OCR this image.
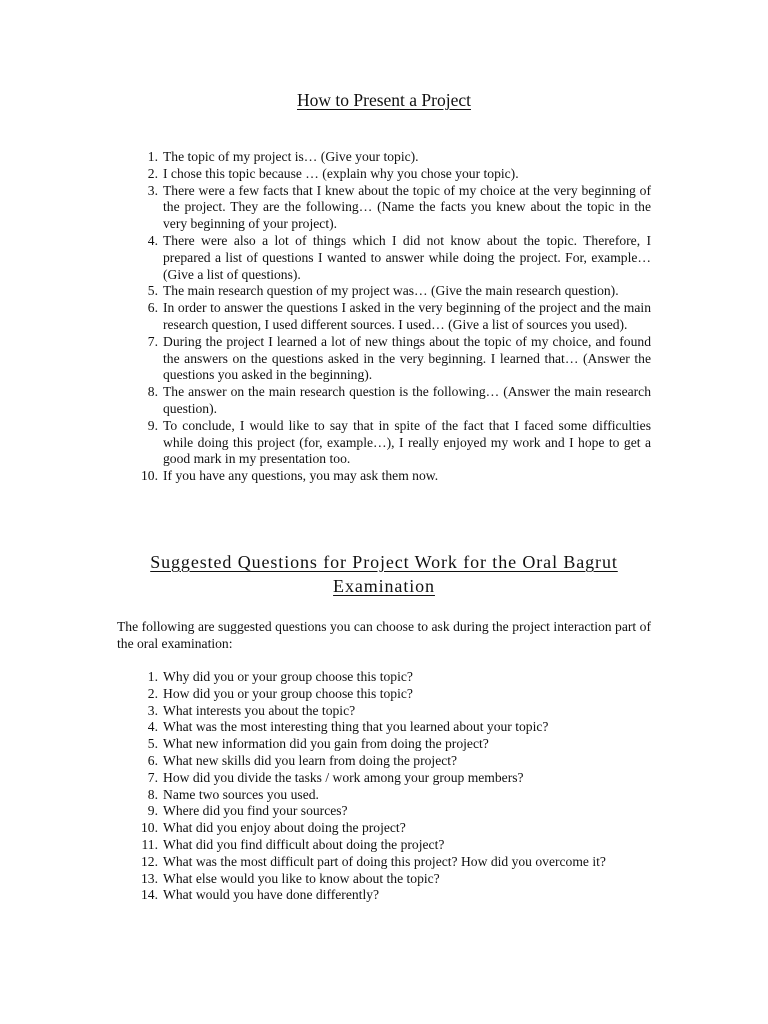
How to Present a Project
1. The topic of my project is… (Give your topic).
2. I chose this topic because … (explain why you chose your topic).
3. There were a few facts that I knew about the topic of my choice at the very beginning of the project. They are the following… (Name the facts you knew about the topic in the very beginning of your project).
4. There were also a lot of things which I did not know about the topic. Therefore, I prepared a list of questions I wanted to answer while doing the project. For, example… (Give a list of questions).
5. The main research question of my project was… (Give the main research question).
6. In order to answer the questions I asked in the very beginning of the project and the main research question, I used different sources. I used… (Give a list of sources you used).
7. During the project I learned a lot of new things about the topic of my choice, and found the answers on the questions asked in the very beginning. I learned that… (Answer the questions you asked in the beginning).
8. The answer on the main research question is the following… (Answer the main research question).
9. To conclude, I would like to say that in spite of the fact that I faced some difficulties while doing this project (for, example…), I really enjoyed my work and I hope to get a good mark in my presentation too.
10. If you have any questions, you may ask them now.
Suggested Questions for Project Work for the Oral Bagrut Examination
The following are suggested questions you can choose to ask during the project interaction part of the oral examination:
1. Why did you or your group choose this topic?
2. How did you or your group choose this topic?
3. What interests you about the topic?
4. What was the most interesting thing that you learned about your topic?
5. What new information did you gain from doing the project?
6. What new skills did you learn from doing the project?
7. How did you divide the tasks / work among your group members?
8. Name two sources you used.
9. Where did you find your sources?
10. What did you enjoy about doing the project?
11. What did you find difficult about doing the project?
12. What was the most difficult part of doing this project? How did you overcome it?
13. What else would you like to know about the topic?
14. What would you have done differently?
